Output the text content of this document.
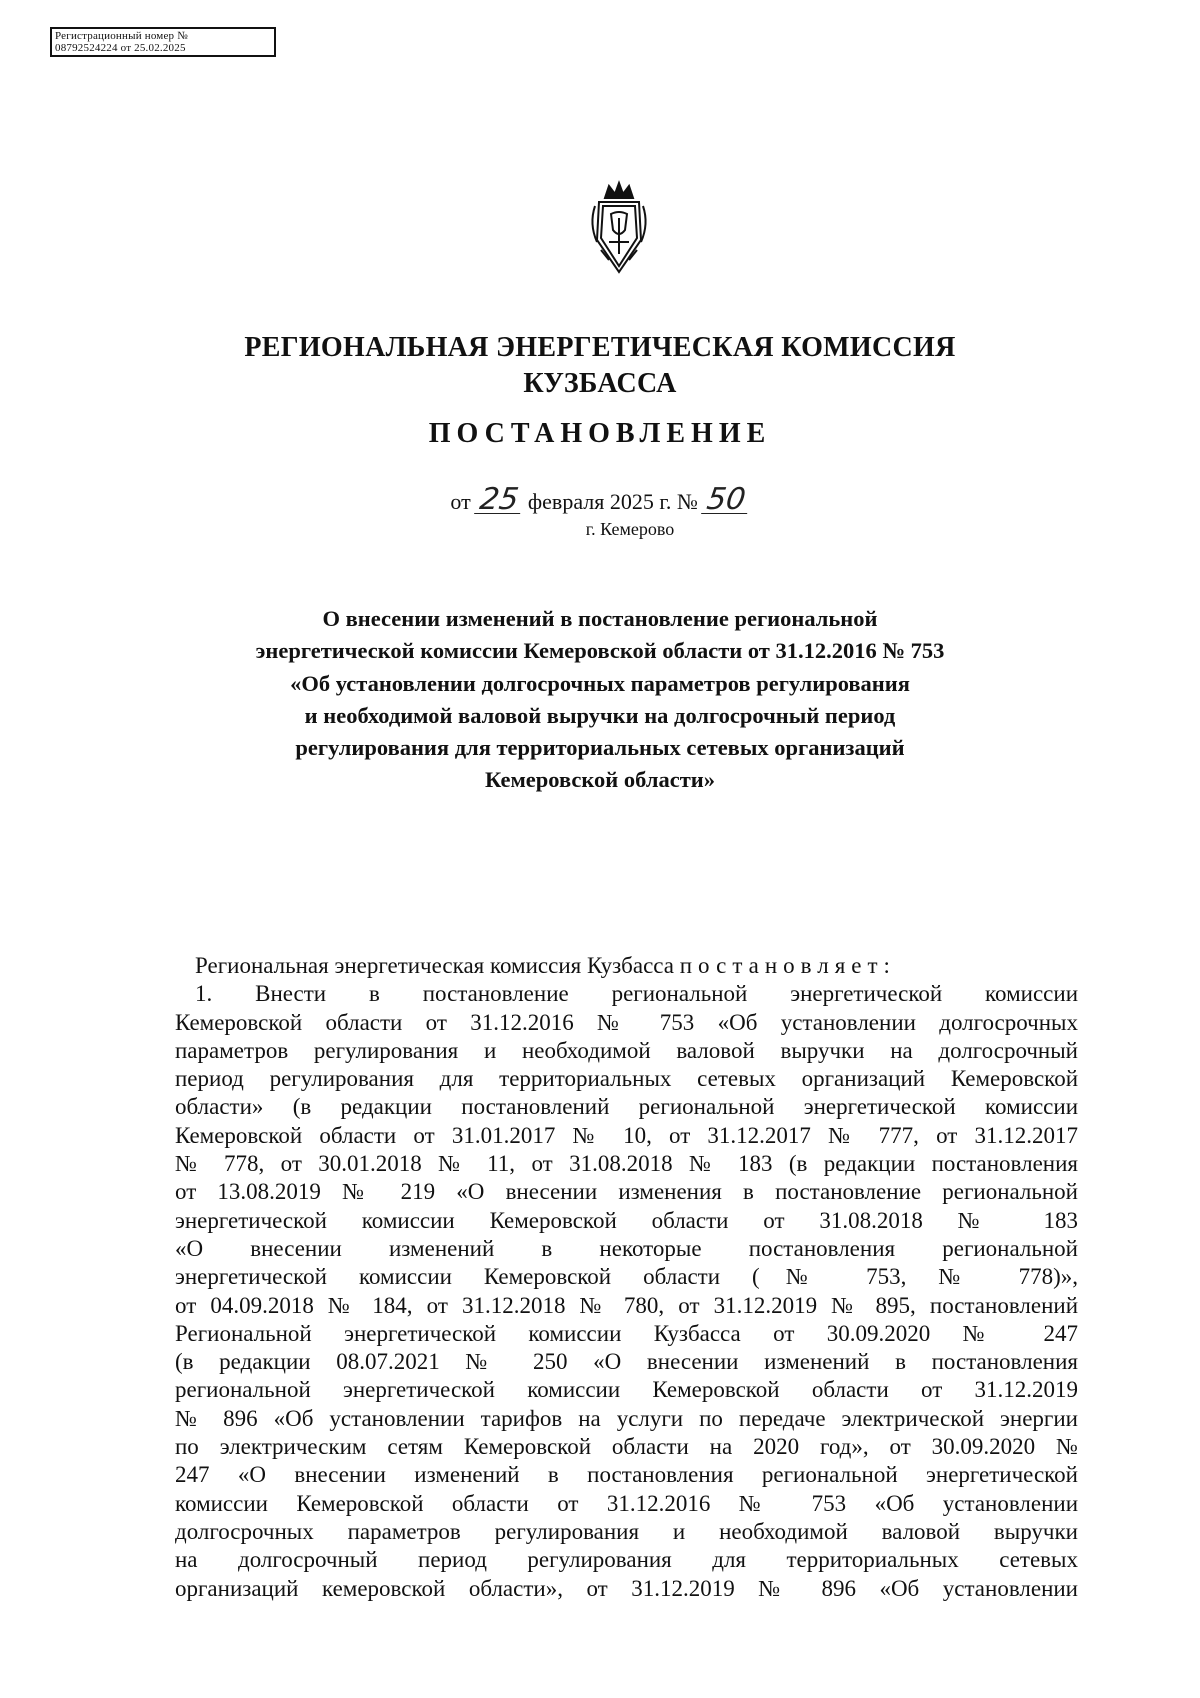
Регистрационный номер №
08792524224 от 25.02.2025
РЕГИОНАЛЬНАЯ ЭНЕРГЕТИЧЕСКАЯ КОМИССИЯ
КУЗБАССА
ПОСТАНОВЛЕНИЕ
от 25 февраля 2025 г. № 50
г. Кемерово
О внесении изменений в постановление региональной
энергетической комиссии Кемеровской области от 31.12.2016 № 753
«Об установлении долгосрочных параметров регулирования
и необходимой валовой выручки на долгосрочный период
регулирования для территориальных сетевых организаций
Кемеровской области»
Региональная энергетическая комиссия Кузбасса постановляет:
1. Внести в постановление региональной энергетической комиссии
Кемеровской области от 31.12.2016 № 753 «Об установлении долгосрочных
параметров регулирования и необходимой валовой выручки на долгосрочный
период регулирования для территориальных сетевых организаций Кемеровской
области» (в редакции постановлений региональной энергетической комиссии
Кемеровской области от 31.01.2017 № 10, от 31.12.2017 № 777, от 31.12.2017
№ 778, от 30.01.2018 № 11, от 31.08.2018 № 183 (в редакции постановления
от 13.08.2019 № 219 «О внесении изменения в постановление региональной
энергетической комиссии Кемеровской области от 31.08.2018 № 183
«О внесении изменений в некоторые постановления региональной
энергетической комиссии Кемеровской области (№ 753, № 778)»,
от 04.09.2018 № 184, от 31.12.2018 № 780, от 31.12.2019 № 895, постановлений
Региональной энергетической комиссии Кузбасса от 30.09.2020 № 247
(в редакции 08.07.2021 № 250 «О внесении изменений в постановления
региональной энергетической комиссии Кемеровской области от 31.12.2019
№ 896 «Об установлении тарифов на услуги по передаче электрической энергии
по электрическим сетям Кемеровской области на 2020 год», от 30.09.2020 №
247 «О внесении изменений в постановления региональной энергетической
комиссии Кемеровской области от 31.12.2016 № 753 «Об установлении
долгосрочных параметров регулирования и необходимой валовой выручки
на долгосрочный период регулирования для территориальных сетевых
организаций кемеровской области», от 31.12.2019 № 896 «Об установлении
